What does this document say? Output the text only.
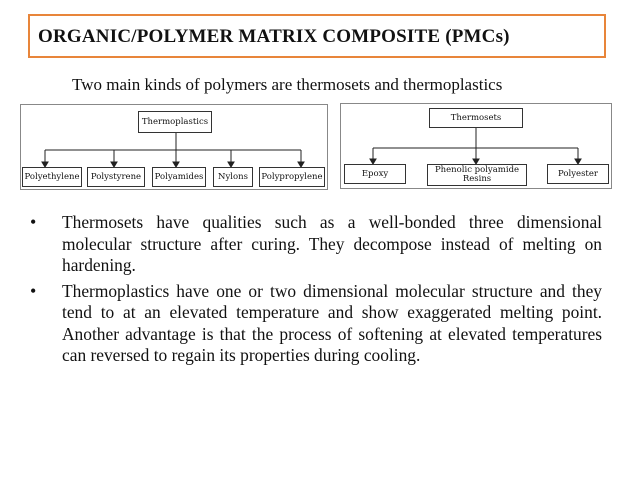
ORGANIC/POLYMER MATRIX COMPOSITE (PMCs)
Two main kinds of polymers are thermosets and thermoplastics
Thermoplastics
Polyethylene	Polystyrene	Polyamides	Nylons	Polypropylene
Thermosets
Epoxy	Phenolic polyamide Resins
Polyester
• Thermosets have qualities such as a well-bonded three dimensional molecular structure after curing. They decompose instead of melting on hardening.
• Thermoplastics have one or two dimensional molecular structure and they tend to at an elevated temperature and show exaggerated melting point. Another advantage is that the process of softening at elevated temperatures can reversed to regain its properties during cooling.
